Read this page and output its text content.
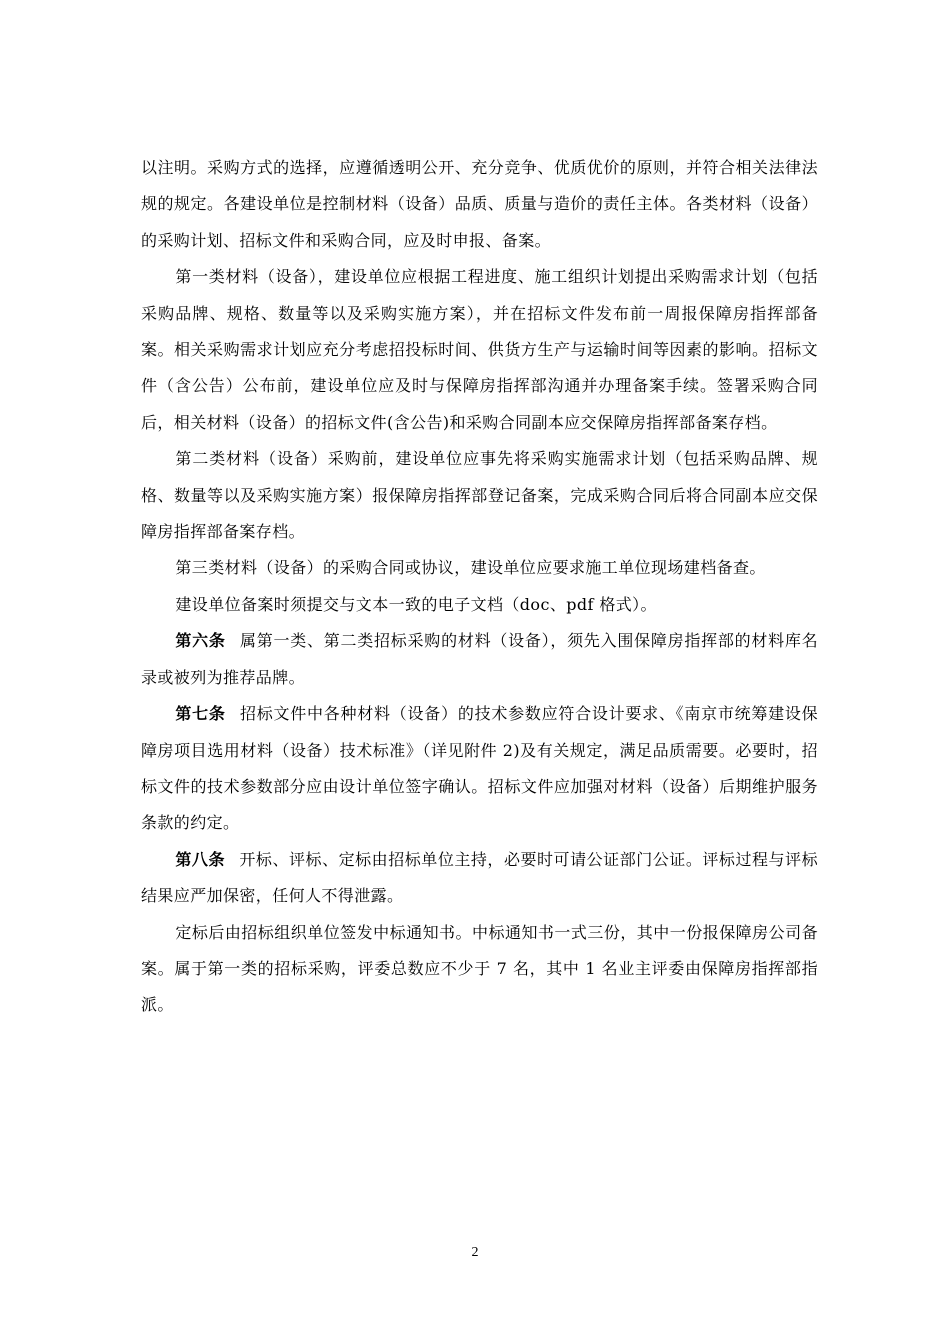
以注明。采购方式的选择，应遵循透明公开、充分竞争、优质优价的原则，并符合相关法律法规的规定。各建设单位是控制材料（设备）品质、质量与造价的责任主体。各类材料（设备）的采购计划、招标文件和采购合同，应及时申报、备案。

第一类材料（设备），建设单位应根据工程进度、施工组织计划提出采购需求计划（包括采购品牌、规格、数量等以及采购实施方案），并在招标文件发布前一周报保障房指挥部备案。相关采购需求计划应充分考虑招投标时间、供货方生产与运输时间等因素的影响。招标文件（含公告）公布前，建设单位应及时与保障房指挥部沟通并办理备案手续。签署采购合同后，相关材料（设备）的招标文件(含公告)和采购合同副本应交保障房指挥部备案存档。

第二类材料（设备）采购前，建设单位应事先将采购实施需求计划（包括采购品牌、规格、数量等以及采购实施方案）报保障房指挥部登记备案，完成采购合同后将合同副本应交保障房指挥部备案存档。

第三类材料（设备）的采购合同或协议，建设单位应要求施工单位现场建档备查。

建设单位备案时须提交与文本一致的电子文档（doc、pdf 格式）。

第六条 属第一类、第二类招标采购的材料（设备），须先入围保障房指挥部的材料库名录或被列为推荐品牌。

第七条 招标文件中各种材料（设备）的技术参数应符合设计要求、《南京市统筹建设保障房项目选用材料（设备）技术标准》（详见附件 2)及有关规定，满足品质需要。必要时，招标文件的技术参数部分应由设计单位签字确认。招标文件应加强对材料（设备）后期维护服务条款的约定。

第八条 开标、评标、定标由招标单位主持，必要时可请公证部门公证。评标过程与评标结果应严加保密，任何人不得泄露。

定标后由招标组织单位签发中标通知书。中标通知书一式三份，其中一份报保障房公司备案。属于第一类的招标采购，评委总数应不少于 7 名，其中 1 名业主评委由保障房指挥部指派。

2
